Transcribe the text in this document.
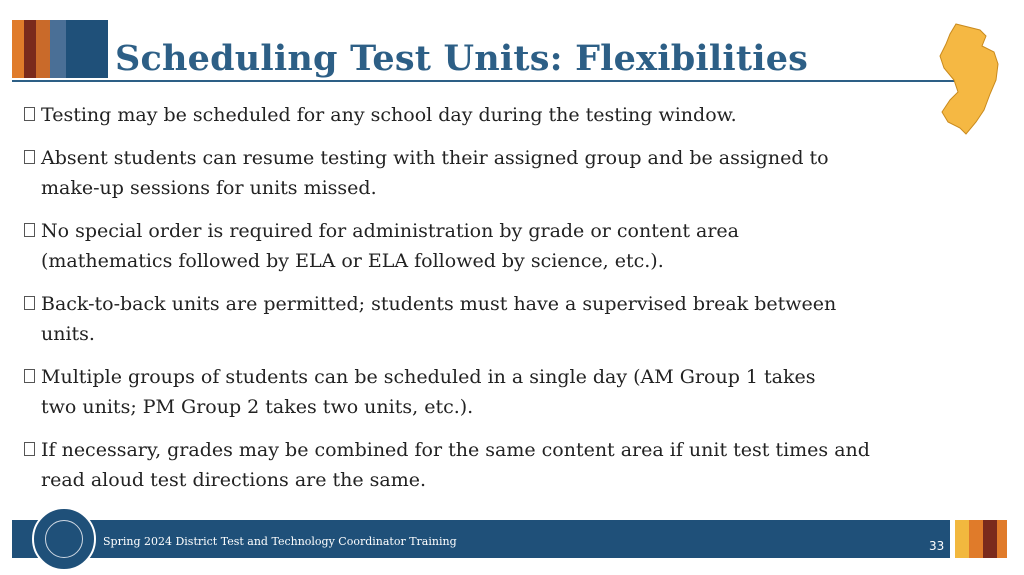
Scheduling Test Units: Flexibilities
Testing may be scheduled for any school day during the testing window.
Absent students can resume testing with their assigned group and be assigned to
make-up sessions for units missed.
No special order is required for administration by grade or content area
(mathematics followed by ELA or ELA followed by science, etc.).
Back-to-back units are permitted; students must have a supervised break between
units.
Multiple groups of students can be scheduled in a single day (AM Group 1 takes
two units; PM Group 2 takes two units, etc.).
If necessary, grades may be combined for the same content area if unit test times and
read aloud test directions are the same.
Spring 2024 District Test and Technology Coordinator Training	33
